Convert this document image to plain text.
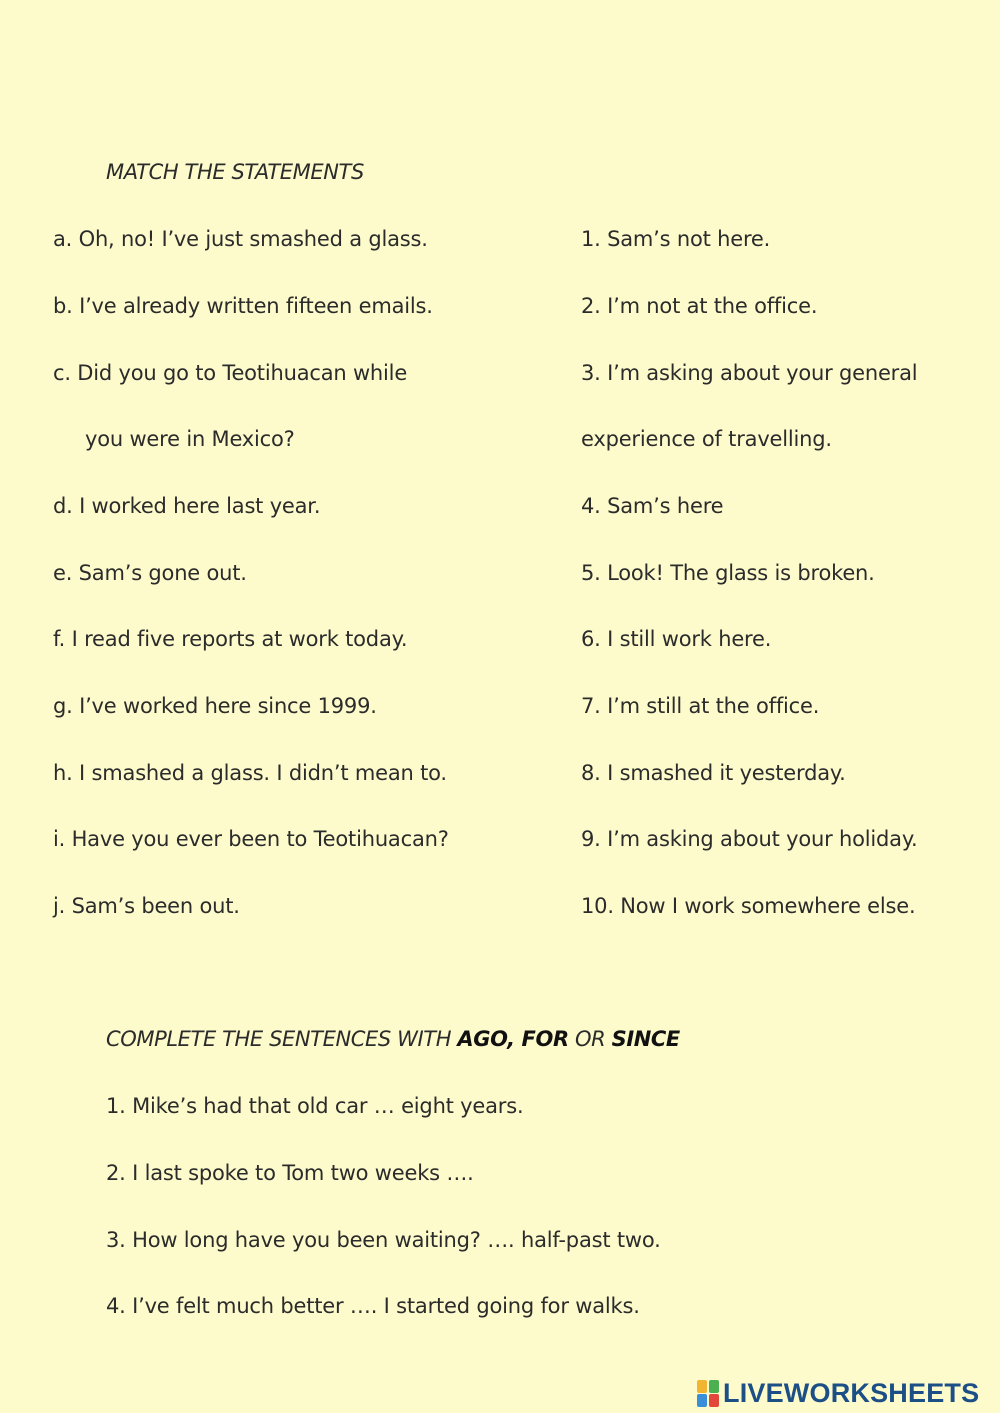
MATCH THE STATEMENTS
a. Oh, no! I’ve just smashed a glass.
b. I’ve already written fifteen emails.
c. Did you go to Teotihuacan while
you were in Mexico?
d. I worked here last year.
e. Sam’s gone out.
f. I read five reports at work today.
g. I’ve worked here since 1999.
h. I smashed a glass. I didn’t mean to.
i. Have you ever been to Teotihuacan?
j. Sam’s been out.
1. Sam’s not here.
2. I’m not at the office.
3. I’m asking about your general
experience of travelling.
4. Sam’s here
5. Look! The glass is broken.
6. I still work here.
7. I’m still at the office.
8. I smashed it yesterday.
9. I’m asking about your holiday.
10. Now I work somewhere else.
COMPLETE THE SENTENCES WITH AGO, FOR OR SINCE
1. Mike’s had that old car … eight years.
2. I last spoke to Tom two weeks ….
3. How long have you been waiting? …. half-past two.
4. I’ve felt much better …. I started going for walks.
LIVEWORKSHEETS
